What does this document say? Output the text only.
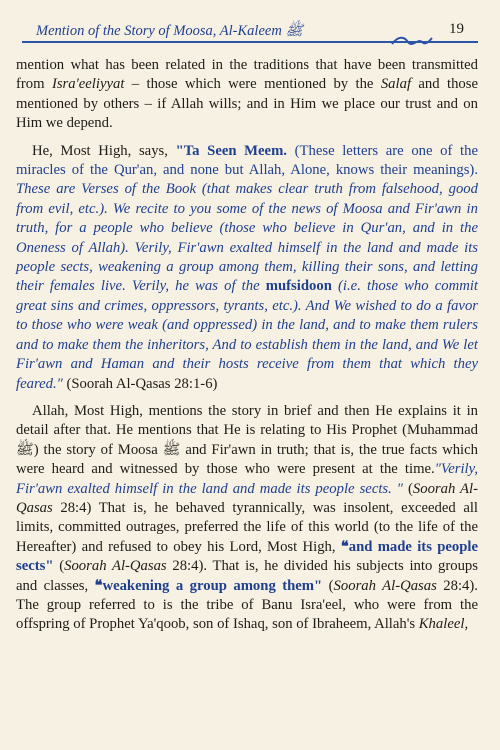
Mention of the Story of Moosa, Al-Kaleem ﷺ	19

mention what has been related in the traditions that have been transmitted from Isra'eeliyyat – those which were mentioned by the Salaf and those mentioned by others – if Allah wills; and in Him we place our trust and on Him we depend.

He, Most High, says, "Ta Seen Meem. (These letters are one of the miracles of the Qur'an, and none but Allah, Alone, knows their meanings). These are Verses of the Book (that makes clear truth from falsehood, good from evil, etc.). We recite to you some of the news of Moosa and Fir'awn in truth, for a people who believe (those who believe in Qur'an, and in the Oneness of Allah). Verily, Fir'awn exalted himself in the land and made its people sects, weakening a group among them, killing their sons, and letting their females live. Verily, he was of the mufsidoon (i.e. those who commit great sins and crimes, oppressors, tyrants, etc.). And We wished to do a favor to those who were weak (and oppressed) in the land, and to make them rulers and to make them the inheritors, And to establish them in the land, and We let Fir'awn and Haman and their hosts receive from them that which they feared." (Soorah Al-Qasas 28:1-6)

Allah, Most High, mentions the story in brief and then He explains it in detail after that. He mentions that He is relating to His Prophet (Muhammad ﷺ) the story of Moosa ﷺ and Fir'awn in truth; that is, the true facts which were heard and witnessed by those who were present at the time."Verily, Fir'awn exalted himself in the land and made its people sects. " (Soorah Al-Qasas 28:4) That is, he behaved tyrannically, was insolent, exceeded all limits, committed outrages, preferred the life of this world (to the life of the Hereafter) and refused to obey his Lord, Most High, ❝and made its people sects" (Soorah Al-Qasas 28:4). That is, he divided his subjects into groups and classes, ❝weakening a group among them" (Soorah Al-Qasas 28:4). The group referred to is the tribe of Banu Isra'eel, who were from the offspring of Prophet Ya'qoob, son of Ishaq, son of Ibraheem, Allah's Khaleel,
